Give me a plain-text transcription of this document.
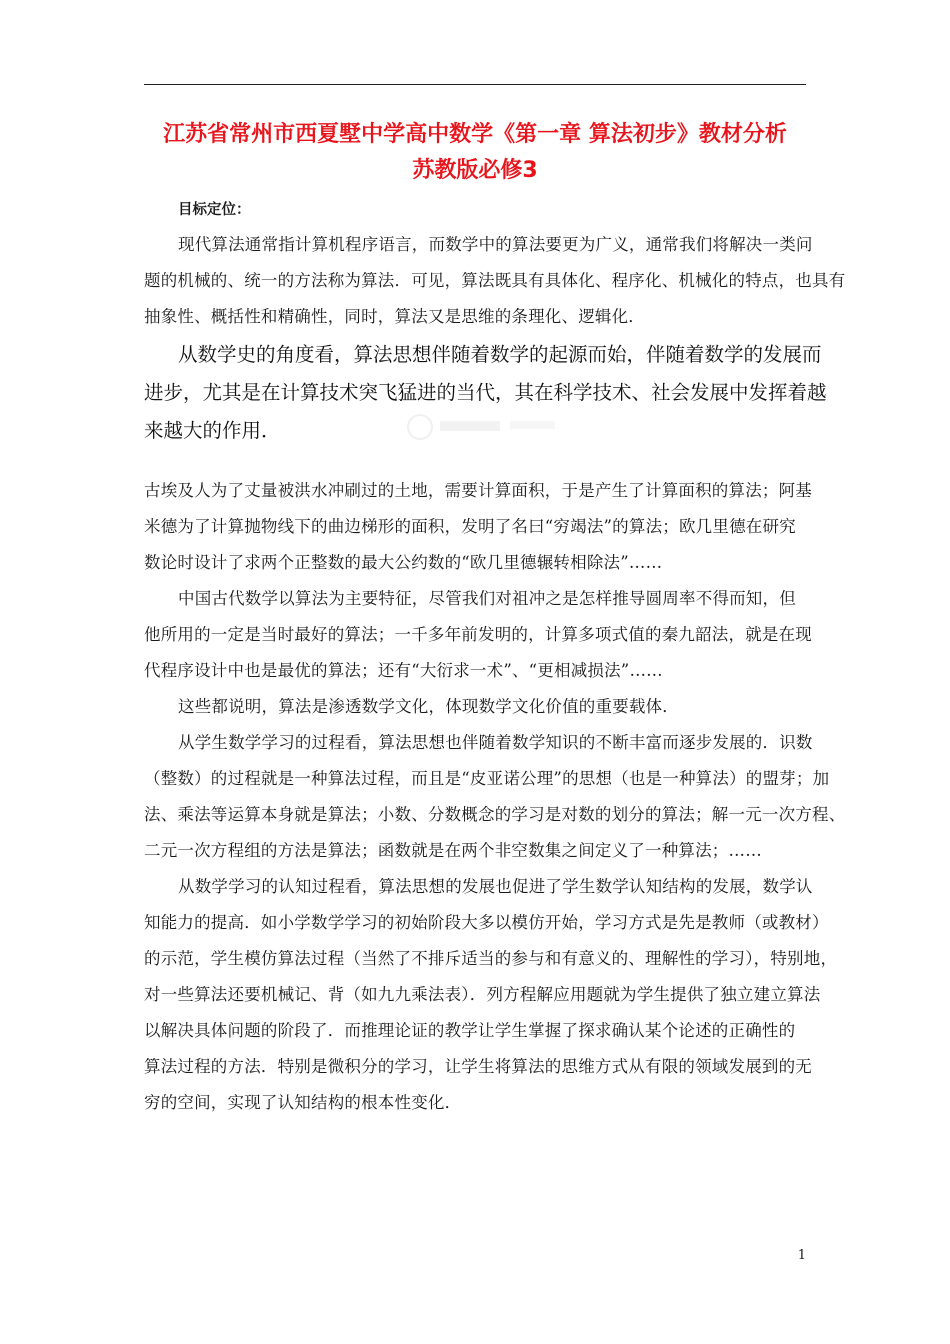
江苏省常州市西夏墅中学高中数学《第一章 算法初步》教材分析
苏教版必修3
目标定位：
现代算法通常指计算机程序语言，而数学中的算法要更为广义，通常我们将解决一类问
题的机械的、统一的方法称为算法．可见，算法既具有具体化、程序化、机械化的特点，也具有
抽象性、概括性和精确性，同时，算法又是思维的条理化、逻辑化．
从数学史的角度看，算法思想伴随着数学的起源而始，伴随着数学的发展而
进步，尤其是在计算技术突飞猛进的当代，其在科学技术、社会发展中发挥着越
来越大的作用．
古埃及人为了丈量被洪水冲刷过的土地，需要计算面积，于是产生了计算面积的算法；阿基
米德为了计算抛物线下的曲边梯形的面积，发明了名曰“穷竭法”的算法；欧几里德在研究
数论时设计了求两个正整数的最大公约数的“欧几里德辗转相除法”……
中国古代数学以算法为主要特征，尽管我们对祖冲之是怎样推导圆周率不得而知，但
他所用的一定是当时最好的算法；一千多年前发明的，计算多项式值的秦九韶法，就是在现
代程序设计中也是最优的算法；还有“大衍求一术”、“更相减损法”……
这些都说明，算法是渗透数学文化，体现数学文化价值的重要载体．
从学生数学学习的过程看，算法思想也伴随着数学知识的不断丰富而逐步发展的．识数
（整数）的过程就是一种算法过程，而且是“皮亚诺公理”的思想（也是一种算法）的盟芽；加
法、乘法等运算本身就是算法；小数、分数概念的学习是对数的划分的算法；解一元一次方程、
二元一次方程组的方法是算法；函数就是在两个非空数集之间定义了一种算法；……
从数学学习的认知过程看，算法思想的发展也促进了学生数学认知结构的发展，数学认
知能力的提高．如小学数学学习的初始阶段大多以模仿开始，学习方式是先是教师（或教材）
的示范，学生模仿算法过程（当然了不排斥适当的参与和有意义的、理解性的学习），特别地，
对一些算法还要机械记、背（如九九乘法表）．列方程解应用题就为学生提供了独立建立算法
以解决具体问题的阶段了．而推理论证的教学让学生掌握了探求确认某个论述的正确性的
算法过程的方法．特别是微积分的学习，让学生将算法的思维方式从有限的领域发展到的无
穷的空间，实现了认知结构的根本性变化．
1
